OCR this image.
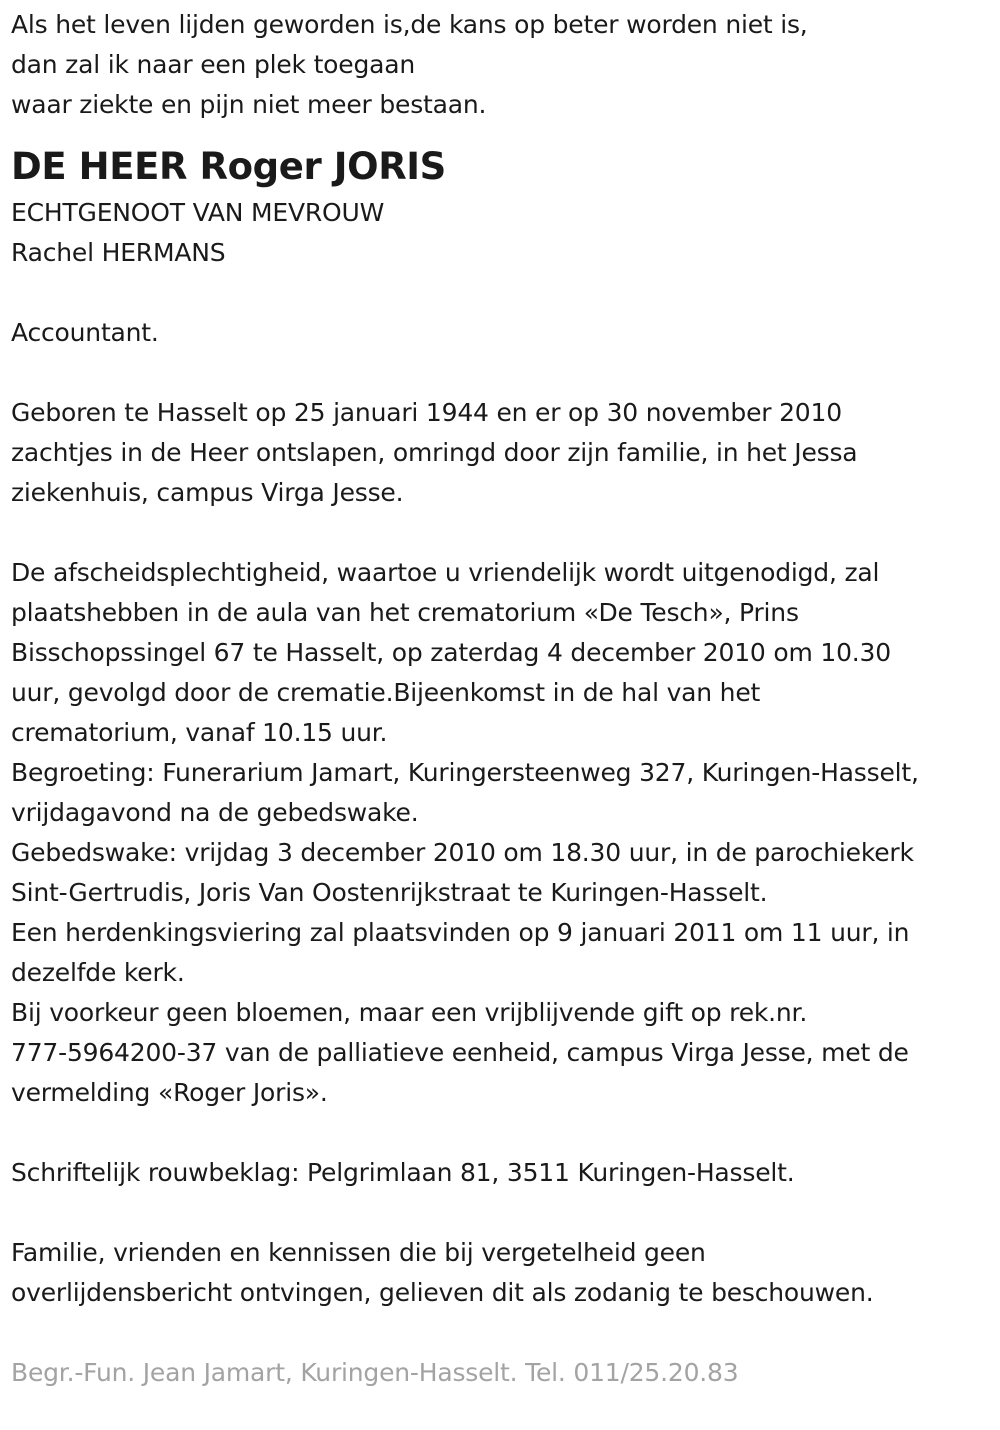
Als het leven lijden geworden is,de kans op beter worden niet is,
dan zal ik naar een plek toegaan
waar ziekte en pijn niet meer bestaan.
DE HEER Roger JORIS
ECHTGENOOT VAN MEVROUW
Rachel HERMANS
Accountant.
Geboren te Hasselt op 25 januari 1944 en er op 30 november 2010
zachtjes in de Heer ontslapen, omringd door zijn familie, in het Jessa
ziekenhuis, campus Virga Jesse.
De afscheidsplechtigheid, waartoe u vriendelijk wordt uitgenodigd, zal
plaatshebben in de aula van het crematorium «De Tesch», Prins
Bisschopssingel 67 te Hasselt, op zaterdag 4 december 2010 om 10.30
uur, gevolgd door de crematie.Bijeenkomst in de hal van het
crematorium, vanaf 10.15 uur.
Begroeting: Funerarium Jamart, Kuringersteenweg 327, Kuringen-Hasselt,
vrijdagavond na de gebedswake.
Gebedswake: vrijdag 3 december 2010 om 18.30 uur, in de parochiekerk
Sint-Gertrudis, Joris Van Oostenrijkstraat te Kuringen-Hasselt.
Een herdenkingsviering zal plaatsvinden op 9 januari 2011 om 11 uur, in
dezelfde kerk.
Bij voorkeur geen bloemen, maar een vrijblijvende gift op rek.nr.
777-5964200-37 van de palliatieve eenheid, campus Virga Jesse, met de
vermelding «Roger Joris».
Schriftelijk rouwbeklag: Pelgrimlaan 81, 3511 Kuringen-Hasselt.
Familie, vrienden en kennissen die bij vergetelheid geen
overlijdensbericht ontvingen, gelieven dit als zodanig te beschouwen.
Begr.-Fun. Jean Jamart, Kuringen-Hasselt. Tel. 011/25.20.83
